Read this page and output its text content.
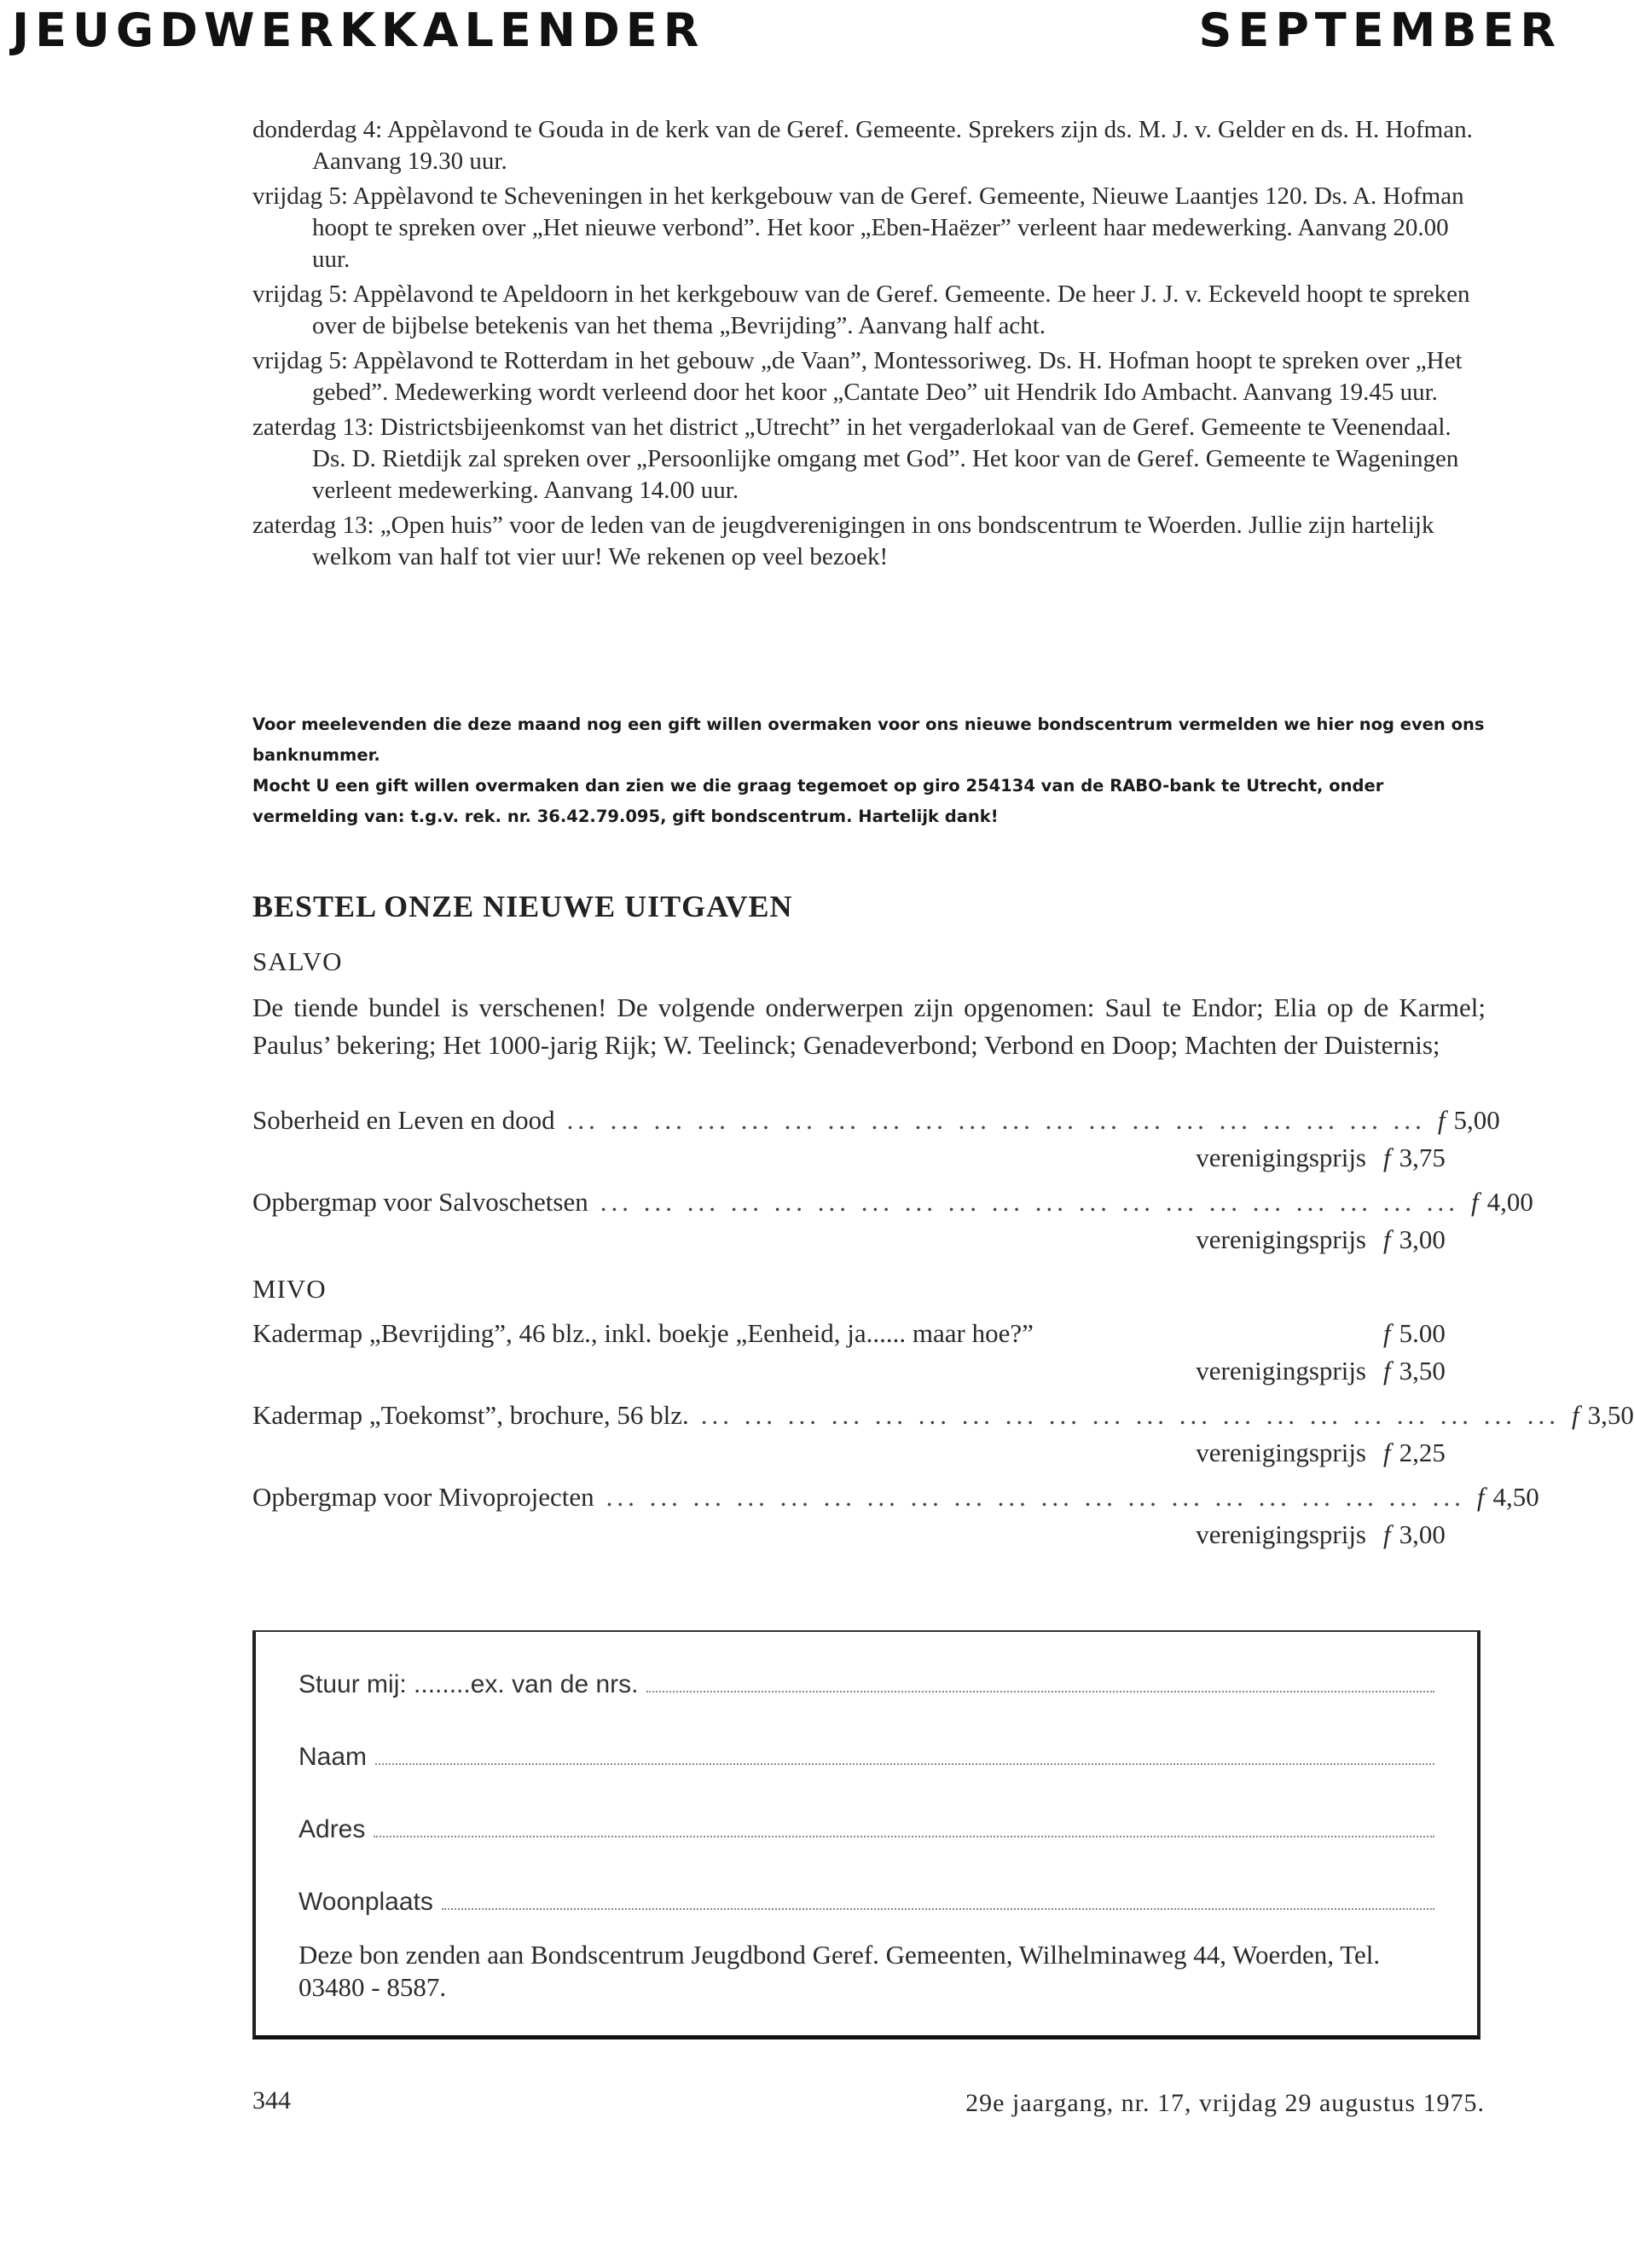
JEUGDWERKKALENDER	SEPTEMBER
donderdag 4: Appèlavond te Gouda in de kerk van de Geref. Gemeente. Sprekers zijn ds. M. J. v. Gelder en ds. H. Hofman. Aanvang 19.30 uur.
vrijdag 5: Appèlavond te Scheveningen in het kerkgebouw van de Geref. Gemeente, Nieuwe Laantjes 120. Ds. A. Hofman hoopt te spreken over „Het nieuwe verbond”. Het koor „Eben-Haëzer” verleent haar medewerking. Aanvang 20.00 uur.
vrijdag 5: Appèlavond te Apeldoorn in het kerkgebouw van de Geref. Gemeente. De heer J. J. v. Eckeveld hoopt te spreken over de bijbelse betekenis van het thema „Bevrijding”. Aanvang half acht.
vrijdag 5: Appèlavond te Rotterdam in het gebouw „de Vaan”, Montessoriweg. Ds. H. Hofman hoopt te spreken over „Het gebed”. Medewerking wordt verleend door het koor „Cantate Deo” uit Hendrik Ido Ambacht. Aanvang 19.45 uur.
zaterdag 13: Districtsbijeenkomst van het district „Utrecht” in het vergaderlokaal van de Geref. Gemeente te Veenendaal. Ds. D. Rietdijk zal spreken over „Persoonlijke omgang met God”. Het koor van de Geref. Gemeente te Wageningen verleent medewerking. Aanvang 14.00 uur.
zaterdag 13: „Open huis” voor de leden van de jeugdverenigingen in ons bondscentrum te Woerden. Jullie zijn hartelijk welkom van half tot vier uur! We rekenen op veel bezoek!

Voor meelevenden die deze maand nog een gift willen overmaken voor ons nieuwe bondscentrum vermelden we hier nog even ons banknummer.

Mocht U een gift willen overmaken dan zien we die graag tegemoet op giro 254134 van de RABO-bank te Utrecht, onder vermelding van: t.g.v. rek. nr. 36.42.79.095, gift bondscentrum. Hartelijk dank!

BESTEL ONZE NIEUWE UITGAVEN
SALVO
De tiende bundel is verschenen! De volgende onderwerpen zijn opgenomen: Saul te Endor; Elia op de Karmel; Paulus’ bekering; Het 1000-jarig Rijk; W. Teelinck; Genadeverbond; Verbond en Doop; Machten der Duisternis;
Soberheid en Leven en dood ... ... ... ... ... ... ... ... ... ... ... ... ... ... ... ... ... ... ... ... f 5,00
verenigingsprijs f 3,75
Opbergmap voor Salvoschetsen ... ... ... ... ... ... ... ... ... ... ... ... ... ... ... ... ... ... ... ... f 4,00
verenigingsprijs f 3,00
MIVO
Kadermap „Bevrijding”, 46 blz., inkl. boekje „Eenheid, ja...... maar hoe?”	f 5.00
verenigingsprijs f 3,50
Kadermap „Toekomst”, brochure, 56 blz. ... ... ... ... ... ... ... ... ... ... ... ... ... ... ... ... ... ... ... ... f 3,50
verenigingsprijs f 2,25
Opbergmap voor Mivoprojecten ... ... ... ... ... ... ... ... ... ... ... ... ... ... ... ... ... ... ... ... f 4,50
verenigingsprijs f 3,00
Stuur mij: ........ex. van de nrs.
Naam
Adres
Woonplaats
Deze bon zenden aan Bondscentrum Jeugdbond Geref. Gemeenten, Wilhelminaweg 44, Woerden, Tel. 03480 - 8587.
344	29e jaargang, nr. 17, vrijdag 29 augustus 1975.
